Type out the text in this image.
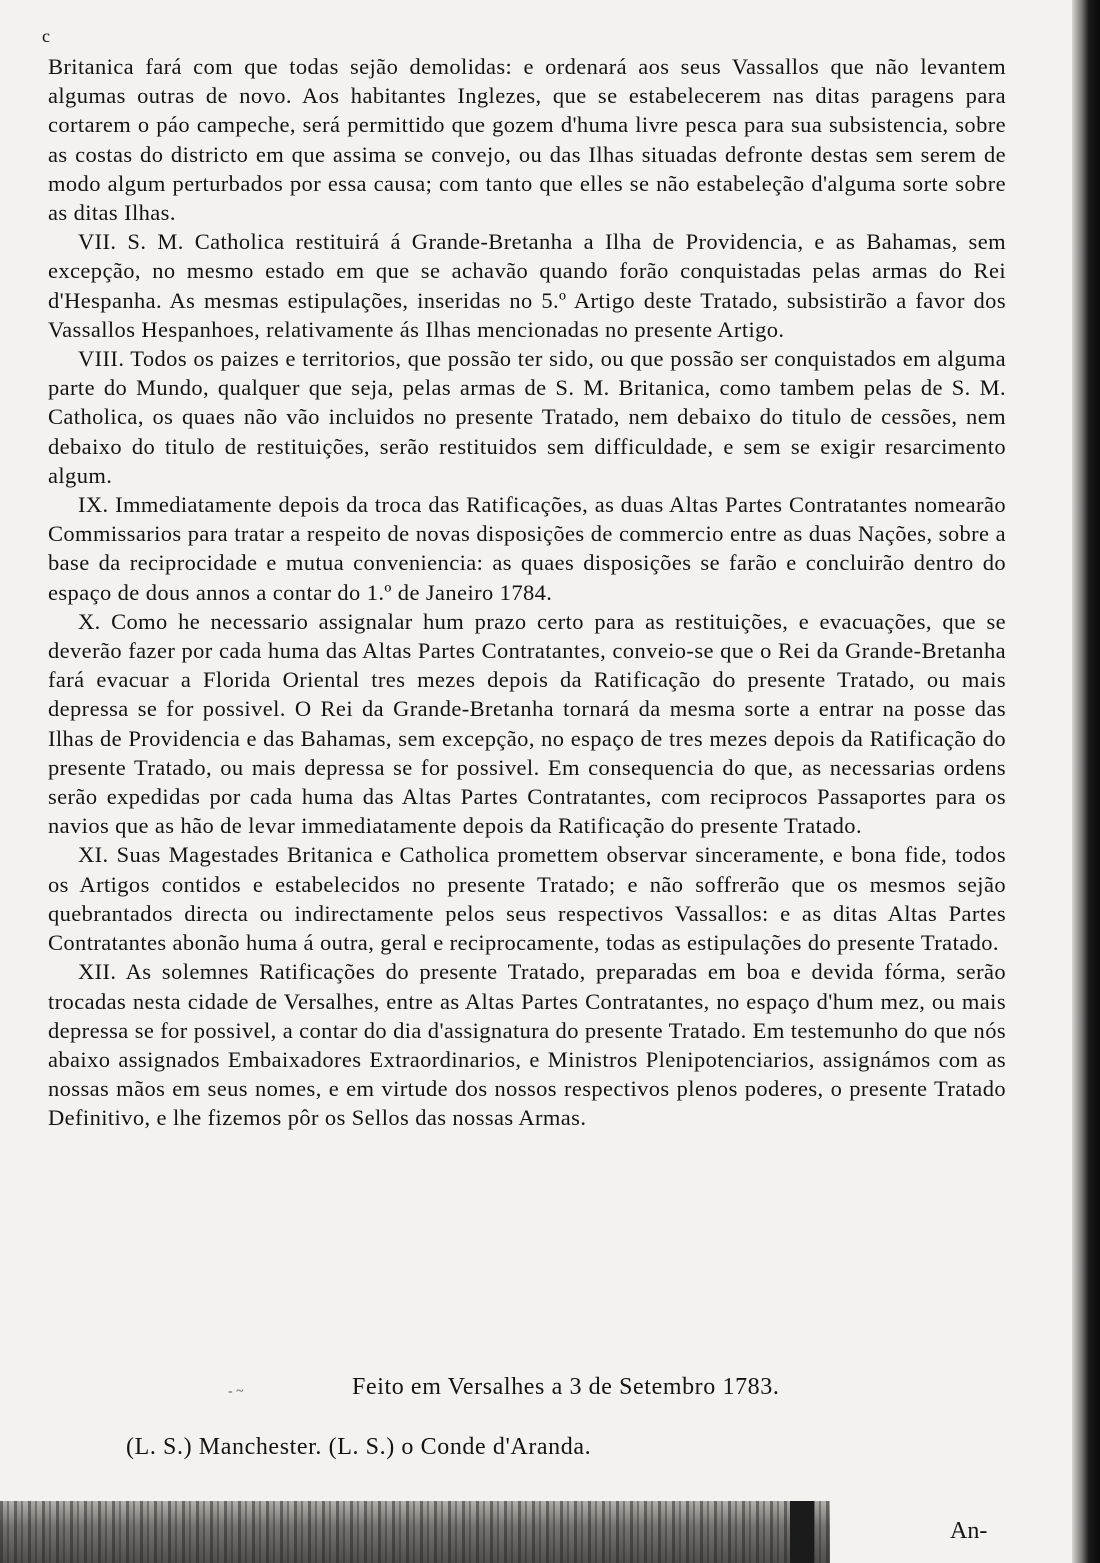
c

Britanica fará com que todas sejão demolidas: e ordenará aos seus Vassallos que não levantem algumas outras de novo. Aos habitantes Inglezes, que se estabelecerem nas ditas paragens para cortarem o páo campeche, será permittido que gozem d'huma livre pesca para sua subsistencia, sobre as costas do districto em que assima se convejo, ou das Ilhas situadas defronte destas sem serem de modo algum perturbados por essa causa; com tanto que elles se não estabeleção d'alguma sorte sobre as ditas Ilhas.

VII. S. M. Catholica restituirá á Grande-Bretanha a Ilha de Providencia, e as Bahamas, sem excepção, no mesmo estado em que se achavão quando forão conquistadas pelas armas do Rei d'Hespanha. As mesmas estipulações, inseridas no 5.º Artigo deste Tratado, subsistirão a favor dos Vassallos Hespanhoes, relativamente ás Ilhas mencionadas no presente Artigo.

VIII. Todos os paizes e territorios, que possão ter sido, ou que possão ser conquistados em alguma parte do Mundo, qualquer que seja, pelas armas de S. M. Britanica, como tambem pelas de S. M. Catholica, os quaes não vão incluidos no presente Tratado, nem debaixo do titulo de cessões, nem debaixo do titulo de restituições, serão restituidos sem difficuldade, e sem se exigir resarcimento algum.

IX. Immediatamente depois da troca das Ratificações, as duas Altas Partes Contratantes nomearão Commissarios para tratar a respeito de novas disposições de commercio entre as duas Nações, sobre a base da reciprocidade e mutua conveniencia: as quaes disposições se farão e concluirão dentro do espaço de dous annos a contar do 1.º de Janeiro 1784.

X. Como he necessario assignalar hum prazo certo para as restituições, e evacuações, que se deverão fazer por cada huma das Altas Partes Contratantes, conveio-se que o Rei da Grande-Bretanha fará evacuar a Florida Oriental tres mezes depois da Ratificação do presente Tratado, ou mais depressa se for possivel. O Rei da Grande-Bretanha tornará da mesma sorte a entrar na posse das Ilhas de Providencia e das Bahamas, sem excepção, no espaço de tres mezes depois da Ratificação do presente Tratado, ou mais depressa se for possivel. Em consequencia do que, as necessarias ordens serão expedidas por cada huma das Altas Partes Contratantes, com reciprocos Passaportes para os navios que as hão de levar immediatamente depois da Ratificação do presente Tratado.

XI. Suas Magestades Britanica e Catholica promettem observar sinceramente, e bona fide, todos os Artigos contidos e estabelecidos no presente Tratado; e não soffrerão que os mesmos sejão quebrantados directa ou indirectamente pelos seus respectivos Vassallos: e as ditas Altas Partes Contratantes abonão huma á outra, geral e reciprocamente, todas as estipulações do presente Tratado.

XII. As solemnes Ratificações do presente Tratado, preparadas em boa e devida fórma, serão trocadas nesta cidade de Versalhes, entre as Altas Partes Contratantes, no espaço d'hum mez, ou mais depressa se for possivel, a contar do dia d'assignatura do presente Tratado. Em testemunho do que nós abaixo assignados Embaixadores Extraordinarios, e Ministros Plenipotenciarios, assignámos com as nossas mãos em seus nomes, e em virtude dos nossos respectivos plenos poderes, o presente Tratado Definitivo, e lhe fizemos pôr os Sellos das nossas Armas.

- ~	Feito em Versalhes a 3 de Setembro 1783.
(L. S.) Manchester. (L. S.) o Conde d'Aranda.
An-
